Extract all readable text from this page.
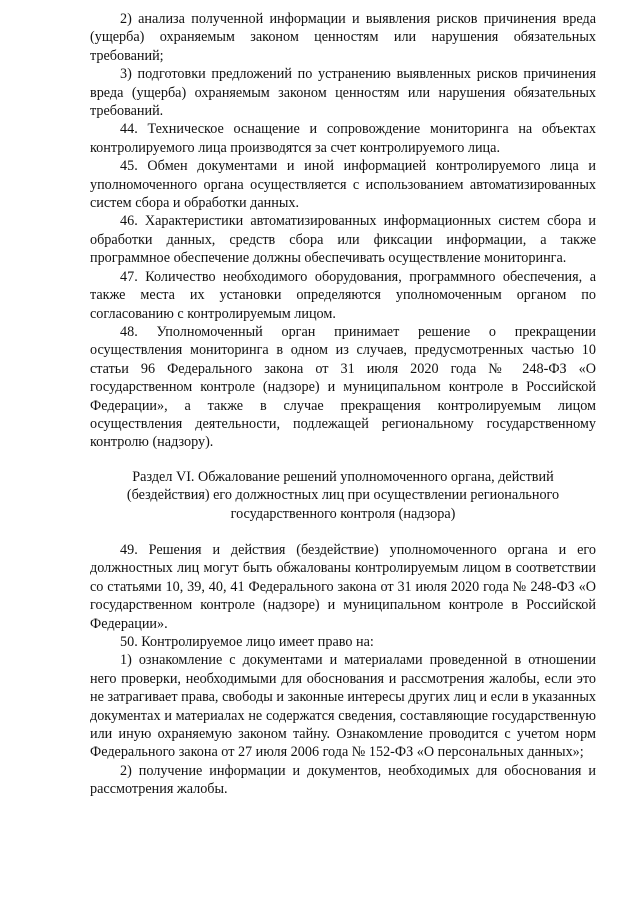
2) анализа полученной информации и выявления рисков причинения вреда (ущерба) охраняемым законом ценностям или нарушения обязательных требований;

3) подготовки предложений по устранению выявленных рисков причинения вреда (ущерба) охраняемым законом ценностям или нарушения обязательных требований.

44. Техническое оснащение и сопровождение мониторинга на объектах контролируемого лица производятся за счет контролируемого лица.

45. Обмен документами и иной информацией контролируемого лица и уполномоченного органа осуществляется с использованием автоматизированных систем сбора и обработки данных.

46. Характеристики автоматизированных информационных систем сбора и обработки данных, средств сбора или фиксации информации, а также программное обеспечение должны обеспечивать осуществление мониторинга.

47. Количество необходимого оборудования, программного обеспечения, а также места их установки определяются уполномоченным органом по согласованию с контролируемым лицом.

48. Уполномоченный орган принимает решение о прекращении осуществления мониторинга в одном из случаев, предусмотренных частью 10 статьи 96 Федерального закона от 31 июля 2020 года № 248-ФЗ «О государственном контроле (надзоре) и муниципальном контроле в Российской Федерации», а также в случае прекращения контролируемым лицом осуществления деятельности, подлежащей региональному государственному контролю (надзору).

Раздел VI. Обжалование решений уполномоченного органа, действий (бездействия) его должностных лиц при осуществлении регионального государственного контроля (надзора)

49. Решения и действия (бездействие) уполномоченного органа и его должностных лиц могут быть обжалованы контролируемым лицом в соответствии со статьями 10, 39, 40, 41 Федерального закона от 31 июля 2020 года № 248-ФЗ «О государственном контроле (надзоре) и муниципальном контроле в Российской Федерации».

50. Контролируемое лицо имеет право на:

1) ознакомление с документами и материалами проведенной в отношении него проверки, необходимыми для обоснования и рассмотрения жалобы, если это не затрагивает права, свободы и законные интересы других лиц и если в указанных документах и материалах не содержатся сведения, составляющие государственную или иную охраняемую законом тайну. Ознакомление проводится с учетом норм Федерального закона от 27 июля 2006 года № 152-ФЗ «О персональных данных»;

2) получение информации и документов, необходимых для обоснования и рассмотрения жалобы.
